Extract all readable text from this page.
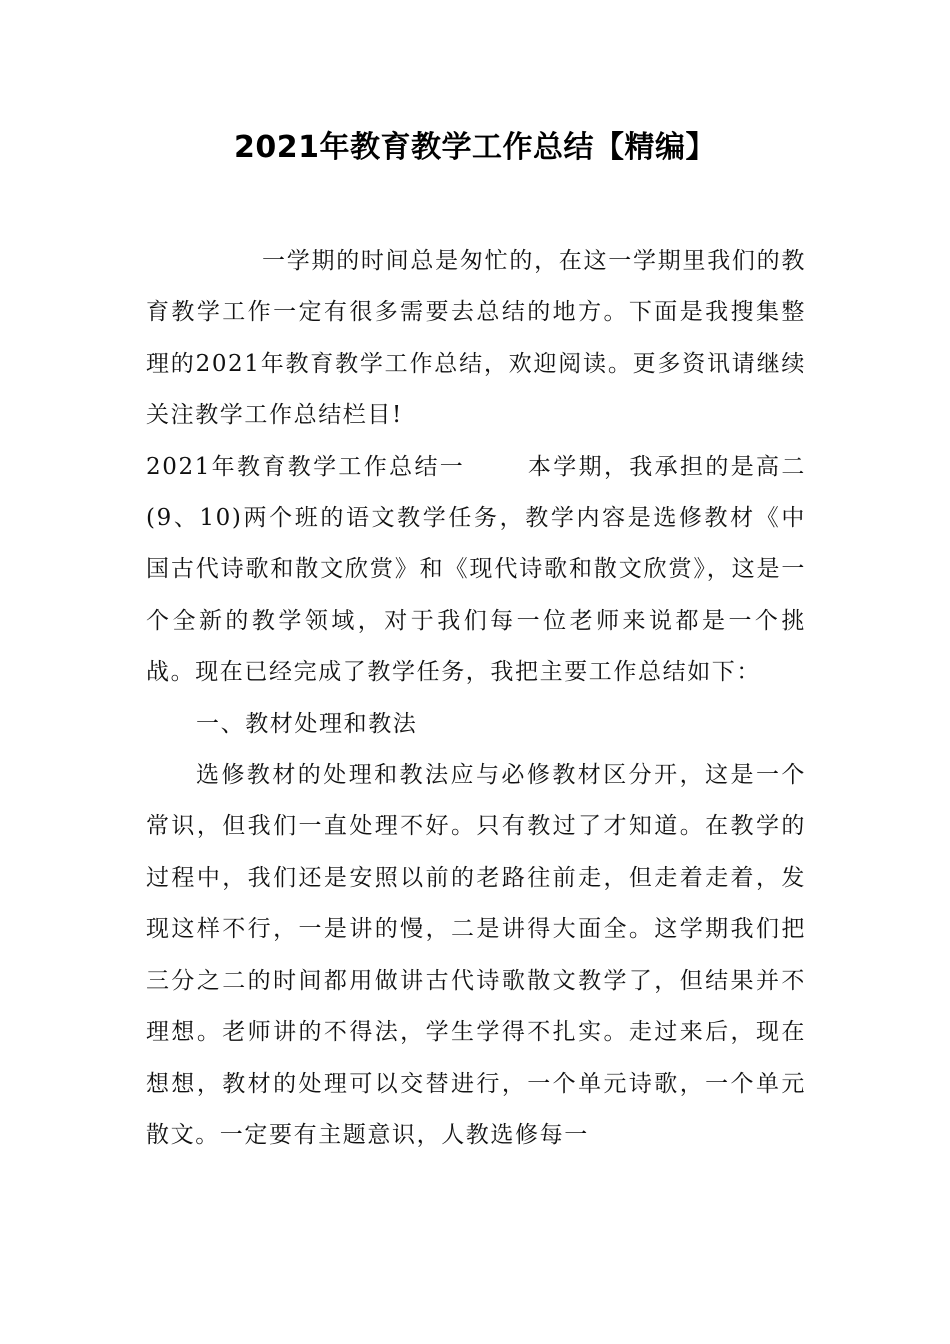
2021年教育教学工作总结【精编】

一学期的时间总是匆忙的，在这一学期里我们的教育教学工作一定有很多需要去总结的地方。下面是我搜集整理的2021年教育教学工作总结，欢迎阅读。更多资讯请继续关注教学工作总结栏目!

2021年教育教学工作总结一	本学期，我承担的是高二(9、10)两个班的语文教学任务，教学内容是选修教材《中国古代诗歌和散文欣赏》和《现代诗歌和散文欣赏》，这是一个全新的教学领域，对于我们每一位老师来说都是一个挑战。现在已经完成了教学任务，我把主要工作总结如下：

一、教材处理和教法

选修教材的处理和教法应与必修教材区分开，这是一个常识，但我们一直处理不好。只有教过了才知道。在教学的过程中，我们还是安照以前的老路往前走，但走着走着，发现这样不行，一是讲的慢，二是讲得大面全。这学期我们把三分之二的时间都用做讲古代诗歌散文教学了，但结果并不理想。老师讲的不得法，学生学得不扎实。走过来后，现在想想，教材的处理可以交替进行，一个单元诗歌，一个单元散文。一定要有主题意识，人教选修每一
